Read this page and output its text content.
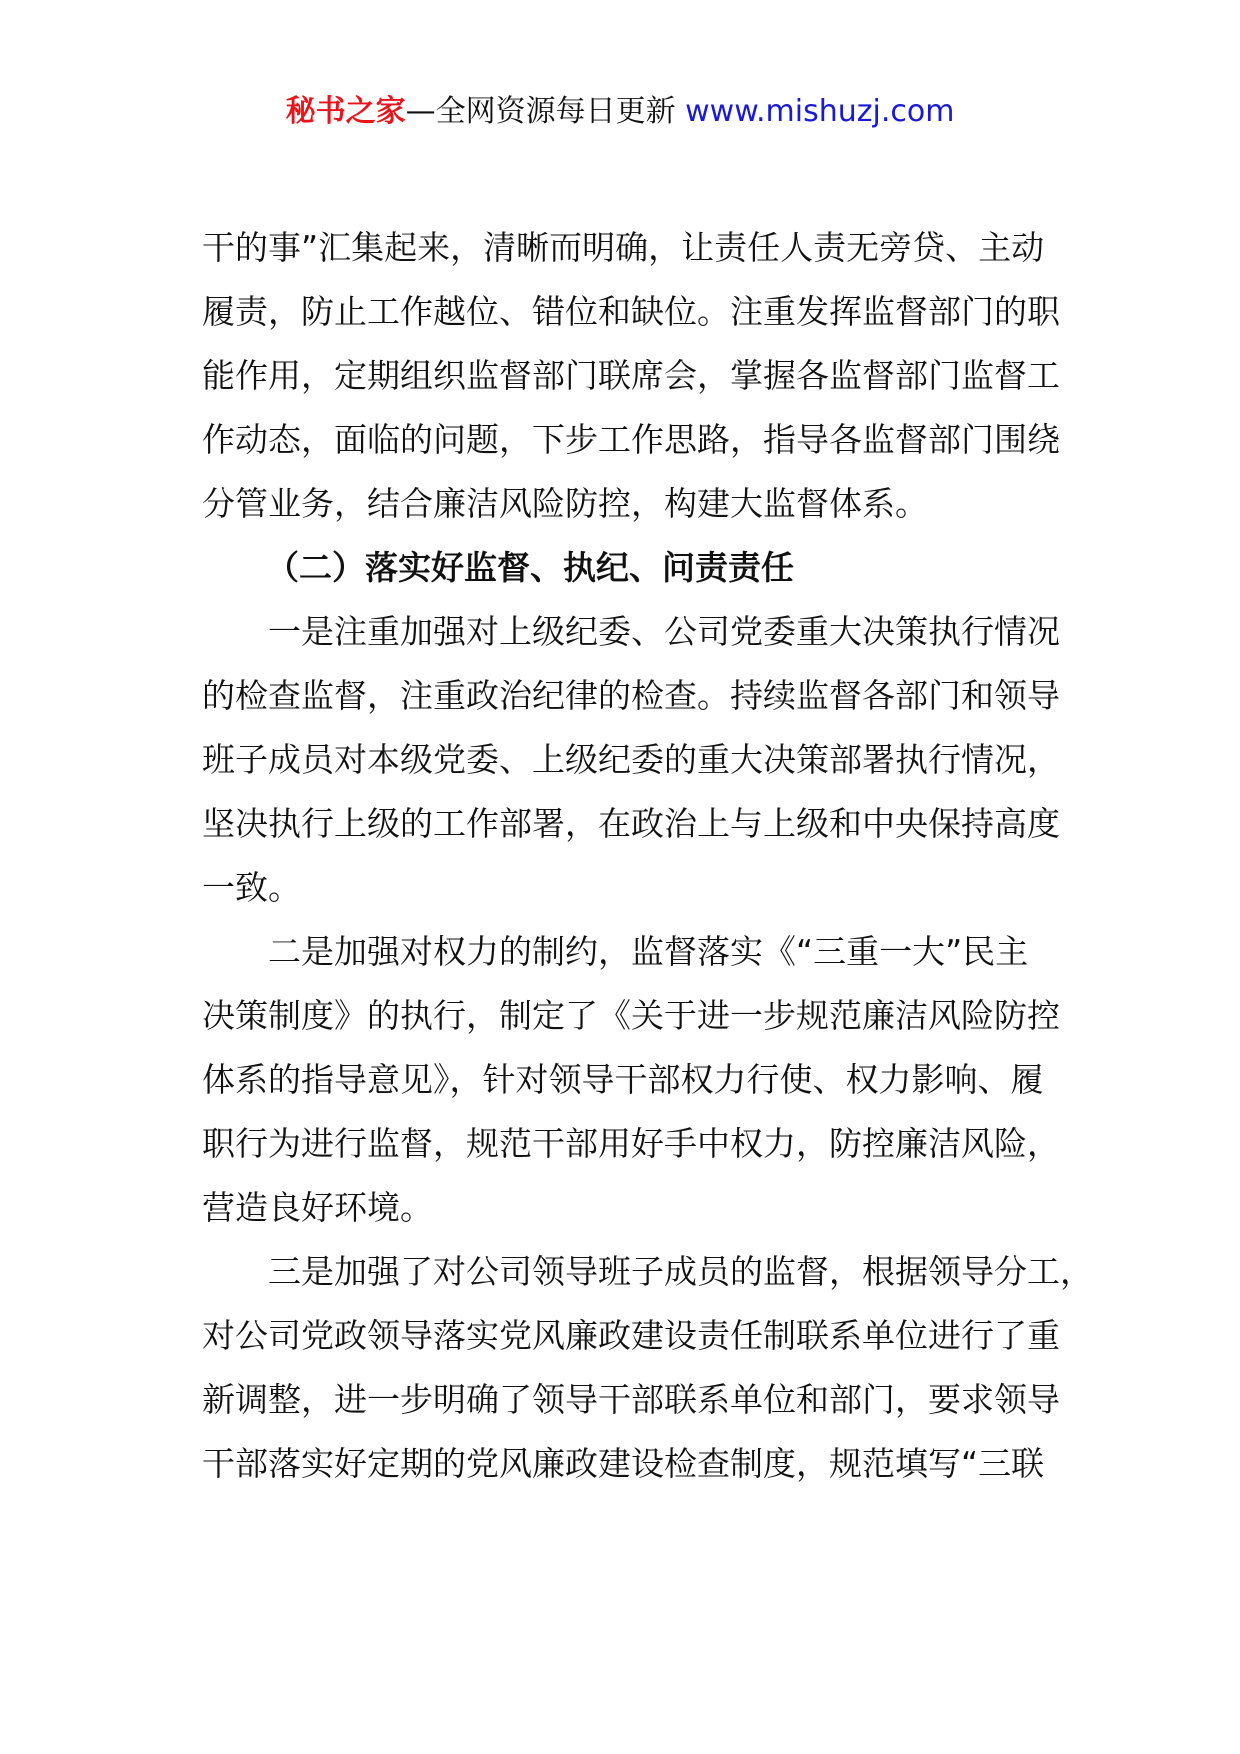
秘书之家—全网资源每日更新 www.mishuzj.com
干的事”汇集起来，清晰而明确，让责任人责无旁贷、主动
履责，防止工作越位、错位和缺位。注重发挥监督部门的职
能作用，定期组织监督部门联席会，掌握各监督部门监督工
作动态，面临的问题，下步工作思路，指导各监督部门围绕
分管业务，结合廉洁风险防控，构建大监督体系。
（二）落实好监督、执纪、问责责任
一是注重加强对上级纪委、公司党委重大决策执行情况
的检查监督，注重政治纪律的检查。持续监督各部门和领导
班子成员对本级党委、上级纪委的重大决策部署执行情况，
坚决执行上级的工作部署，在政治上与上级和中央保持高度
一致。
二是加强对权力的制约，监督落实《“三重一大”民主
决策制度》的执行，制定了《关于进一步规范廉洁风险防控
体系的指导意见》，针对领导干部权力行使、权力影响、履
职行为进行监督，规范干部用好手中权力，防控廉洁风险，
营造良好环境。
三是加强了对公司领导班子成员的监督，根据领导分工，
对公司党政领导落实党风廉政建设责任制联系单位进行了重
新调整，进一步明确了领导干部联系单位和部门，要求领导
干部落实好定期的党风廉政建设检查制度，规范填写“三联
